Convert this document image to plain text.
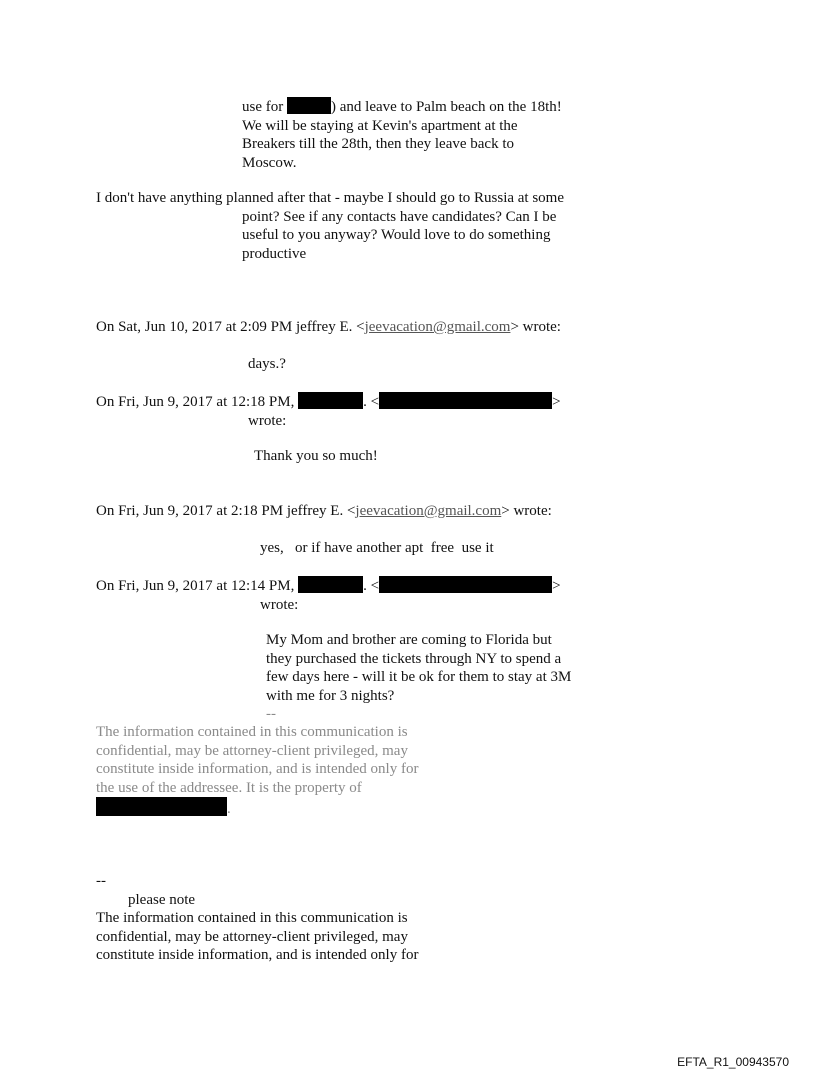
use for	) and leave to Palm beach on the 18th!
We will be staying at Kevin's apartment at the
Breakers till the 28th, then they leave back to
Moscow.
I don't have anything planned after that - maybe I should go to Russia at some
point? See if any contacts have candidates? Can I be
useful to you anyway? Would love to do something
productive
On Sat, Jun 10, 2017 at 2:09 PM jeffrey E. <jeevacation@gmail.com> wrote:
days.?
On Fri, Jun 9, 2017 at 12:18 PM,	. <	>
wrote:
Thank you so much!
On Fri, Jun 9, 2017 at 2:18 PM jeffrey E. <jeevacation@gmail.com> wrote:
yes,   or if have another apt  free  use it
On Fri, Jun 9, 2017 at 12:14 PM,	. <	>
wrote:
My Mom and brother are coming to Florida but
they purchased the tickets through NY to spend a
few days here - will it be ok for them to stay at 3M
with me for 3 nights?
--
The information contained in this communication is
confidential, may be attorney-client privileged, may
constitute inside information, and is intended only for
the use of the addressee. It is the property of
.
--
please note
The information contained in this communication is
confidential, may be attorney-client privileged, may
constitute inside information, and is intended only for
EFTA_R1_00943570
